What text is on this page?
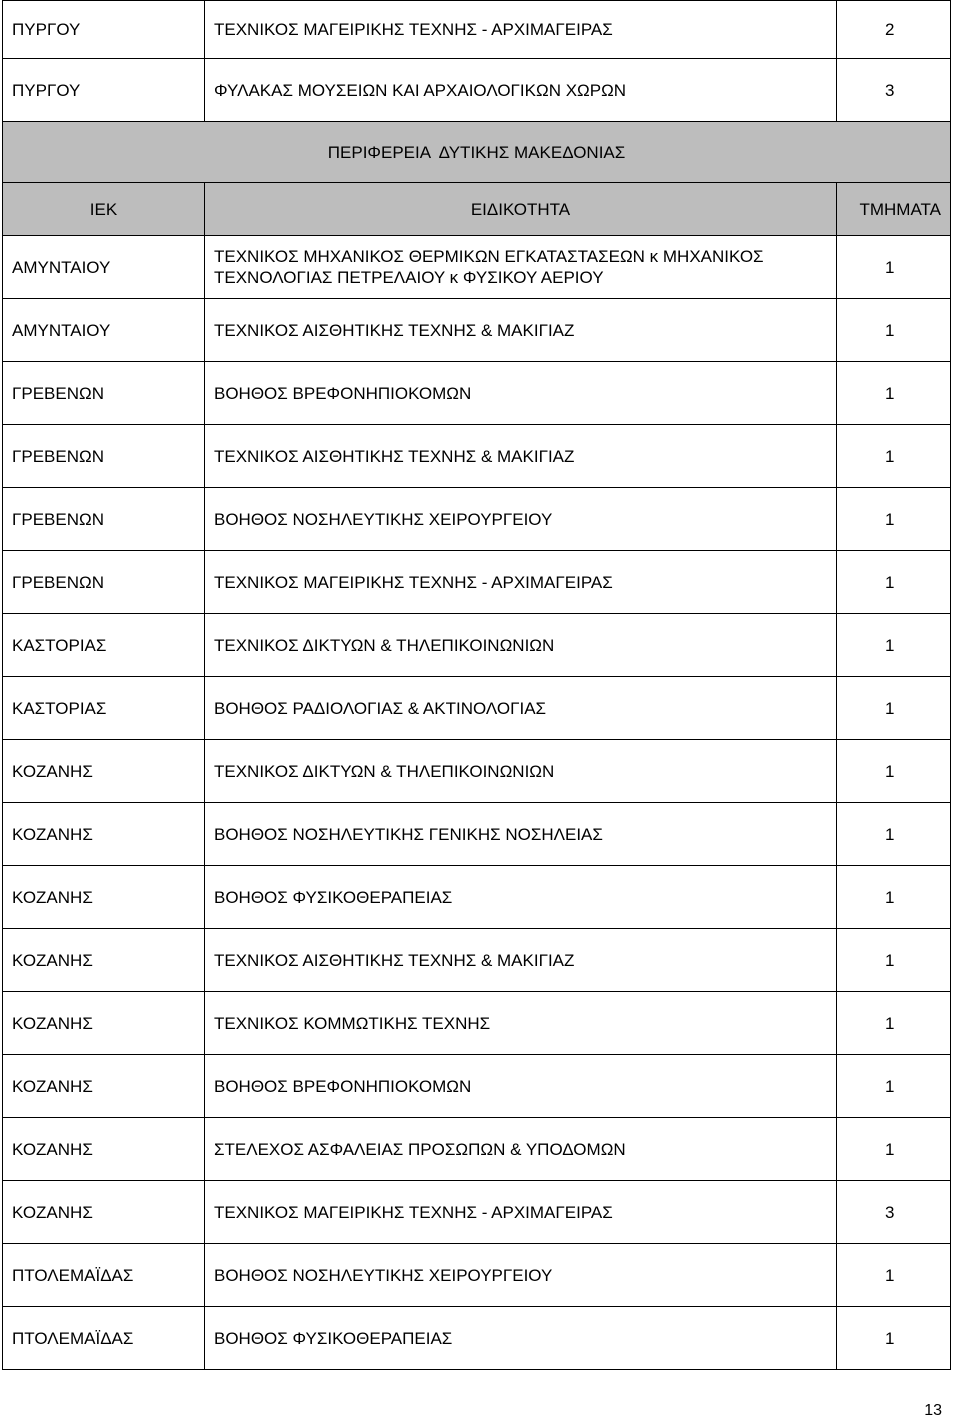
ΠΥΡΓΟΥ	ΤΕΧΝΙΚΟΣ ΜΑΓΕΙΡΙΚΗΣ ΤΕΧΝΗΣ - ΑΡΧΙΜΑΓΕΙΡΑΣ	2
ΠΥΡΓΟΥ	ΦΥΛΑΚΑΣ ΜΟΥΣΕΙΩΝ ΚΑΙ ΑΡΧΑΙΟΛΟΓΙΚΩΝ ΧΩΡΩΝ	3
ΠΕΡΙΦΕΡΕΙΑ  ΔΥΤΙΚΗΣ ΜΑΚΕΔΟΝΙΑΣ		
ΙΕΚ	ΕΙΔΙΚΟΤΗΤΑ	ΤΜΗΜΑΤΑ
ΑΜΥΝΤΑΙΟΥ	ΤΕΧΝΙΚΟΣ ΜΗΧΑΝΙΚΟΣ ΘΕΡΜΙΚΩΝ ΕΓΚΑΤΑΣΤΑΣΕΩΝ κ ΜΗΧΑΝΙΚΟΣ
ΤΕΧΝΟΛΟΓΙΑΣ ΠΕΤΡΕΛΑΙΟΥ κ ΦΥΣΙΚΟΥ ΑΕΡΙΟΥ	1
ΑΜΥΝΤΑΙΟΥ	ΤΕΧΝΙΚΟΣ ΑΙΣΘΗΤΙΚΗΣ ΤΕΧΝΗΣ & ΜΑΚΙΓΙΑΖ	1
ΓΡΕΒΕΝΩΝ	ΒΟΗΘΟΣ ΒΡΕΦΟΝΗΠΙΟΚΟΜΩΝ	1
ΓΡΕΒΕΝΩΝ	ΤΕΧΝΙΚΟΣ ΑΙΣΘΗΤΙΚΗΣ ΤΕΧΝΗΣ & ΜΑΚΙΓΙΑΖ	1
ΓΡΕΒΕΝΩΝ	ΒΟΗΘΟΣ ΝΟΣΗΛΕΥΤΙΚΗΣ ΧΕΙΡΟΥΡΓΕΙΟΥ	1
ΓΡΕΒΕΝΩΝ	ΤΕΧΝΙΚΟΣ ΜΑΓΕΙΡΙΚΗΣ ΤΕΧΝΗΣ - ΑΡΧΙΜΑΓΕΙΡΑΣ	1
ΚΑΣΤΟΡΙΑΣ	ΤΕΧΝΙΚΟΣ ΔΙΚΤΥΩΝ & ΤΗΛΕΠΙΚΟΙΝΩΝΙΩΝ	1
ΚΑΣΤΟΡΙΑΣ	ΒΟΗΘΟΣ ΡΑΔΙΟΛΟΓΙΑΣ & ΑΚΤΙΝΟΛΟΓΙΑΣ	1
ΚΟΖΑΝΗΣ	ΤΕΧΝΙΚΟΣ ΔΙΚΤΥΩΝ & ΤΗΛΕΠΙΚΟΙΝΩΝΙΩΝ	1
ΚΟΖΑΝΗΣ	ΒΟΗΘΟΣ ΝΟΣΗΛΕΥΤΙΚΗΣ ΓΕΝΙΚΗΣ ΝΟΣΗΛΕΙΑΣ	1
ΚΟΖΑΝΗΣ	ΒΟΗΘΟΣ ΦΥΣΙΚΟΘΕΡΑΠΕΙΑΣ	1
ΚΟΖΑΝΗΣ	ΤΕΧΝΙΚΟΣ ΑΙΣΘΗΤΙΚΗΣ ΤΕΧΝΗΣ & ΜΑΚΙΓΙΑΖ	1
ΚΟΖΑΝΗΣ	ΤΕΧΝΙΚΟΣ ΚΟΜΜΩΤΙΚΗΣ ΤΕΧΝΗΣ	1
ΚΟΖΑΝΗΣ	ΒΟΗΘΟΣ ΒΡΕΦΟΝΗΠΙΟΚΟΜΩΝ	1
ΚΟΖΑΝΗΣ	ΣΤΕΛΕΧΟΣ ΑΣΦΑΛΕΙΑΣ ΠΡΟΣΩΠΩΝ & ΥΠΟΔΟΜΩΝ	1
ΚΟΖΑΝΗΣ	ΤΕΧΝΙΚΟΣ ΜΑΓΕΙΡΙΚΗΣ ΤΕΧΝΗΣ - ΑΡΧΙΜΑΓΕΙΡΑΣ	3
ΠΤΟΛΕΜΑΪΔΑΣ	ΒΟΗΘΟΣ ΝΟΣΗΛΕΥΤΙΚΗΣ ΧΕΙΡΟΥΡΓΕΙΟΥ	1
ΠΤΟΛΕΜΑΪΔΑΣ	ΒΟΗΘΟΣ ΦΥΣΙΚΟΘΕΡΑΠΕΙΑΣ	1
13
